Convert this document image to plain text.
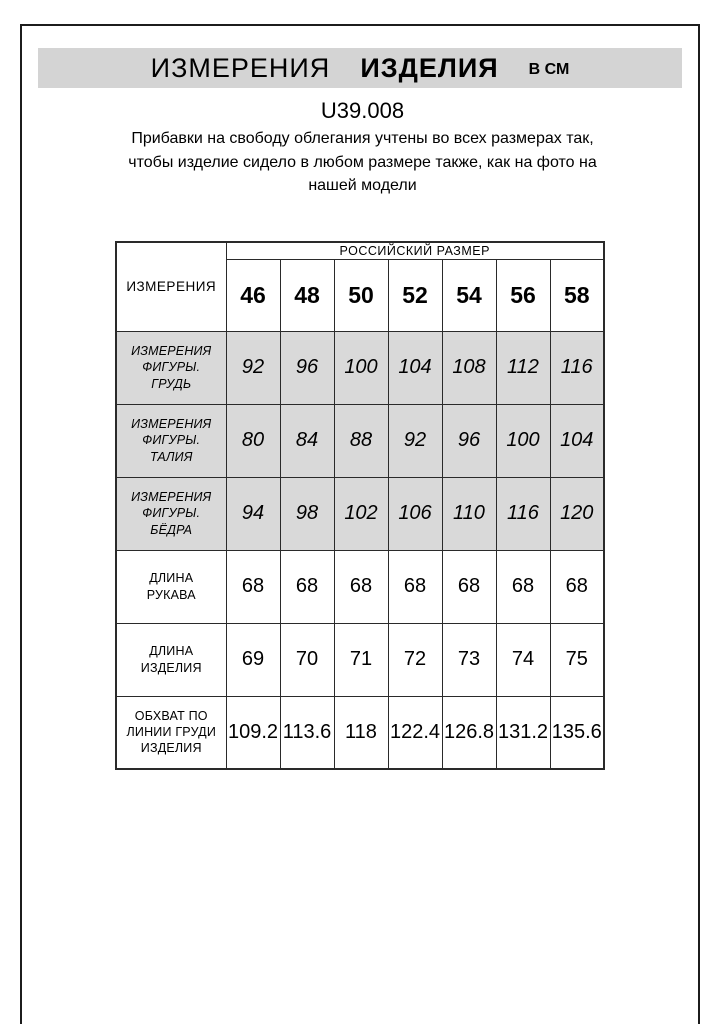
ИЗМЕРЕНИЯ ИЗДЕЛИЯ В СМ
U39.008
Прибавки на свободу облегания учтены во всех размерах так,
чтобы изделие сидело в любом размере также, как на фото на
нашей модели
ИЗМЕРЕНИЯ	РОССИЙСКИЙ РАЗМЕР						
	46	48	50	52	54	56	58
ИЗМЕРЕНИЯ ФИГУРЫ. ГРУДЬ	92	96	100	104	108	112	116
ИЗМЕРЕНИЯ ФИГУРЫ. ТАЛИЯ	80	84	88	92	96	100	104
ИЗМЕРЕНИЯ ФИГУРЫ. БЁДРА	94	98	102	106	110	116	120
ДЛИНА РУКАВА	68	68	68	68	68	68	68
ДЛИНА ИЗДЕЛИЯ	69	70	71	72	73	74	75
ОБХВАТ ПО ЛИНИИ ГРУДИ ИЗДЕЛИЯ	109.2	113.6	118	122.4	126.8	131.2	135.6
